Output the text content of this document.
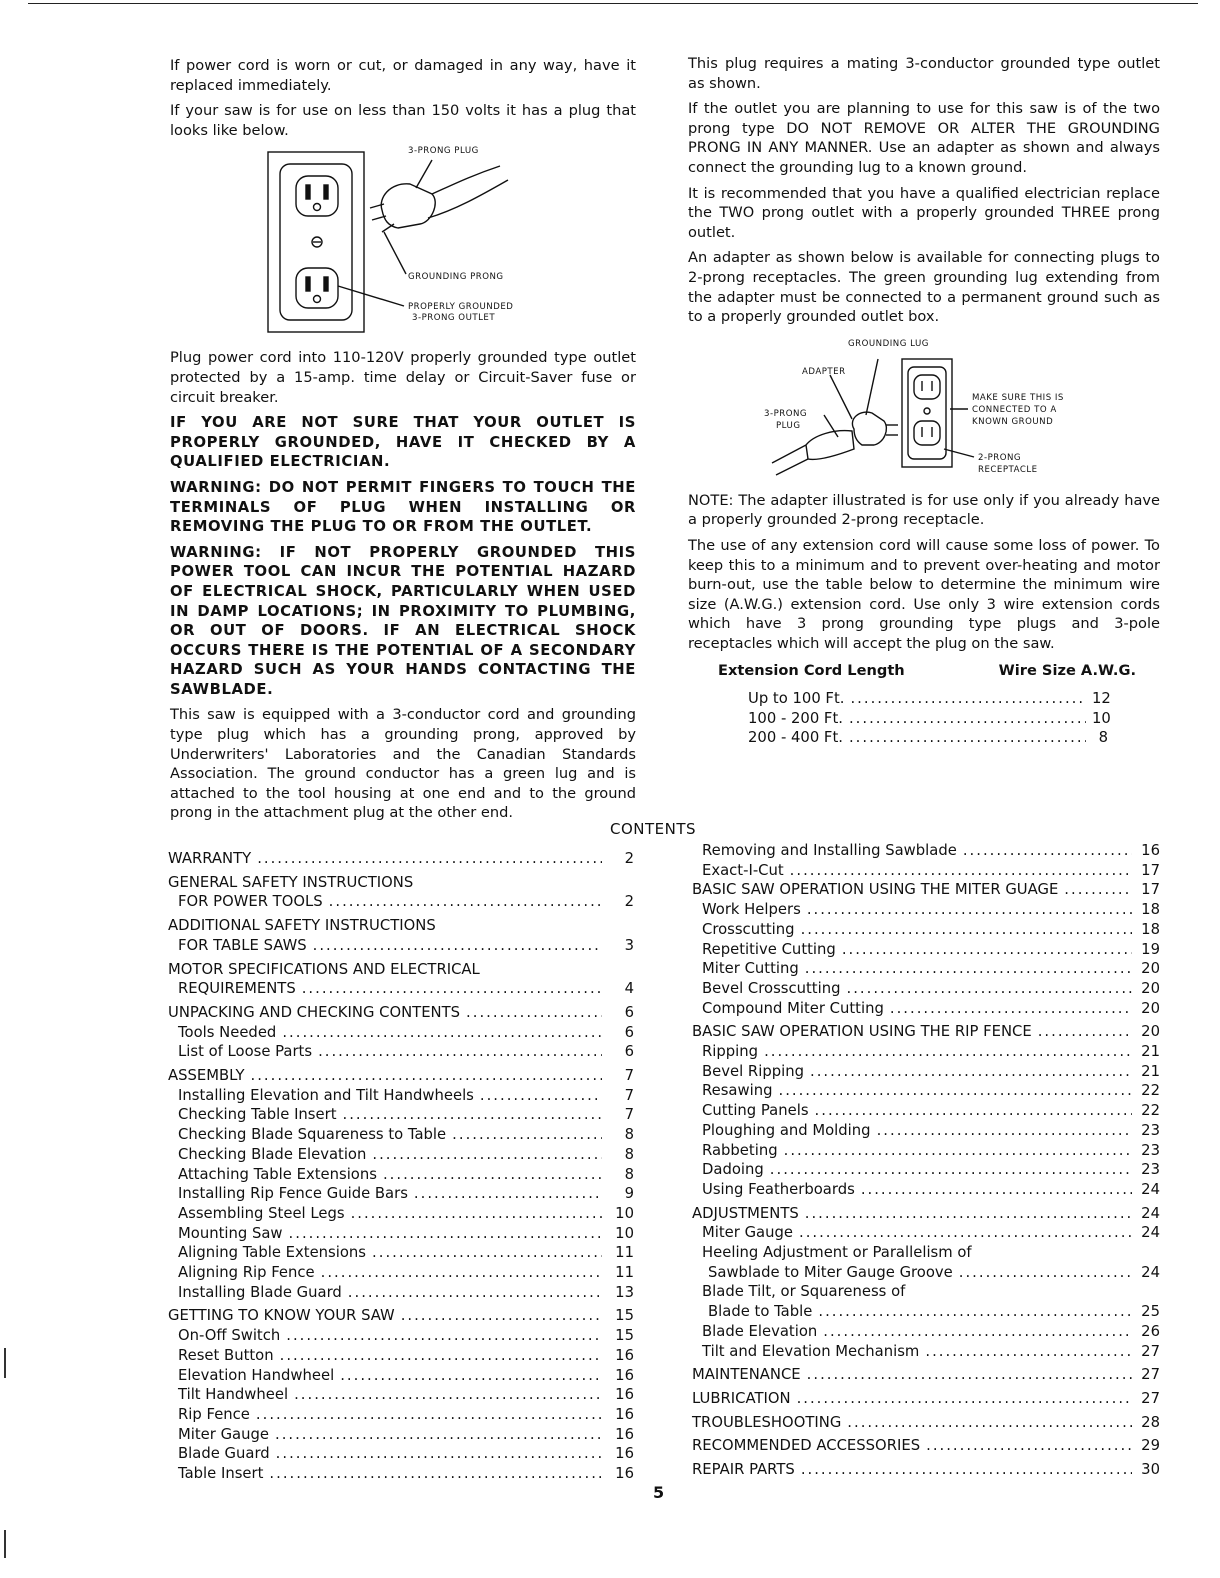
If power cord is worn or cut, or damaged in any way, have it replaced immediately.

If your saw is for use on less than 150 volts it has a plug that looks like below.

3-PRONG PLUG
GROUNDING PRONG
PROPERLY GROUNDED
3-PRONG OUTLET

Plug power cord into 110-120V properly grounded type outlet protected by a 15-amp. time delay or Circuit-Saver fuse or circuit breaker.

IF YOU ARE NOT SURE THAT YOUR OUTLET IS PROPERLY GROUNDED, HAVE IT CHECKED BY A QUALIFIED ELECTRICIAN.

WARNING: DO NOT PERMIT FINGERS TO TOUCH THE TERMINALS OF PLUG WHEN INSTALLING OR REMOVING THE PLUG TO OR FROM THE OUTLET.

WARNING: IF NOT PROPERLY GROUNDED THIS POWER TOOL CAN INCUR THE POTENTIAL HAZARD OF ELECTRICAL SHOCK, PARTICULARLY WHEN USED IN DAMP LOCATIONS; IN PROXIMITY TO PLUMBING, OR OUT OF DOORS. IF AN ELECTRICAL SHOCK OCCURS THERE IS THE POTENTIAL OF A SECONDARY HAZARD SUCH AS YOUR HANDS CONTACTING THE SAWBLADE.

This saw is equipped with a 3-conductor cord and grounding type plug which has a grounding prong, approved by Underwriters' Laboratories and the Canadian Standards Association. The ground conductor has a green lug and is attached to the tool housing at one end and to the ground prong in the attachment plug at the other end.

This plug requires a mating 3-conductor grounded type outlet as shown.

If the outlet you are planning to use for this saw is of the two prong type DO NOT REMOVE OR ALTER THE GROUNDING PRONG IN ANY MANNER. Use an adapter as shown and always connect the grounding lug to a known ground.

It is recommended that you have a qualified electrician replace the TWO prong outlet with a properly grounded THREE prong outlet.

An adapter as shown below is available for connecting plugs to 2-prong receptacles. The green grounding lug extending from the adapter must be connected to a permanent ground such as to a properly grounded outlet box.

GROUNDING LUG
ADAPTER
3-PRONG
PLUG
MAKE SURE THIS IS
CONNECTED TO A
KNOWN GROUND
2-PRONG
RECEPTACLE

NOTE: The adapter illustrated is for use only if you already have a properly grounded 2-prong receptacle.

The use of any extension cord will cause some loss of power. To keep this to a minimum and to prevent over-heating and motor burn-out, use the table below to determine the minimum wire size (A.W.G.) extension cord. Use only 3 wire extension cords which have 3 prong grounding type plugs and 3-pole receptacles which will accept the plug on the saw.

Extension Cord Length	Wire Size A.W.G.
Up to 100 Ft. .....	12
100 - 200 Ft. .....	10
200 - 400 Ft. .....	8
CONTENTS
WARRANTY .....	2
GENERAL SAFETY INSTRUCTIONS
FOR POWER TOOLS .....	2
ADDITIONAL SAFETY INSTRUCTIONS
FOR TABLE SAWS .....	3
MOTOR SPECIFICATIONS AND ELECTRICAL
REQUIREMENTS .....	4
UNPACKING AND CHECKING CONTENTS .....	6
Tools Needed .....	6
List of Loose Parts .....	6
ASSEMBLY .....	7
Installing Elevation and Tilt Handwheels .....	7
Checking Table Insert .....	7
Checking Blade Squareness to Table .....	8
Checking Blade Elevation .....	8
Attaching Table Extensions .....	8
Installing Rip Fence Guide Bars .....	9
Assembling Steel Legs .....	10
Mounting Saw .....	10
Aligning Table Extensions .....	11
Aligning Rip Fence .....	11
Installing Blade Guard .....	13
GETTING TO KNOW YOUR SAW .....	15
On-Off Switch .....	15
Reset Button .....	16
Elevation Handwheel .....	16
Tilt Handwheel .....	16
Rip Fence .....	16
Miter Gauge .....	16
Blade Guard .....	16
Table Insert .....	16
Removing and Installing Sawblade .....	16
Exact-I-Cut .....	17
BASIC SAW OPERATION USING THE MITER GUAGE .....	17
Work Helpers .....	18
Crosscutting .....	18
Repetitive Cutting .....	19
Miter Cutting .....	20
Bevel Crosscutting .....	20
Compound Miter Cutting .....	20
BASIC SAW OPERATION USING THE RIP FENCE .....	20
Ripping .....	21
Bevel Ripping .....	21
Resawing .....	22
Cutting Panels .....	22
Ploughing and Molding .....	23
Rabbeting .....	23
Dadoing .....	23
Using Featherboards .....	24
ADJUSTMENTS .....	24
Miter Gauge .....	24
Heeling Adjustment or Parallelism of
Sawblade to Miter Gauge Groove .....	24
Blade Tilt, or Squareness of
Blade to Table .....	25
Blade Elevation .....	26
Tilt and Elevation Mechanism .....	27
MAINTENANCE .....	27
LUBRICATION .....	27
TROUBLESHOOTING .....	28
RECOMMENDED ACCESSORIES .....	29
REPAIR PARTS .....	30
5
